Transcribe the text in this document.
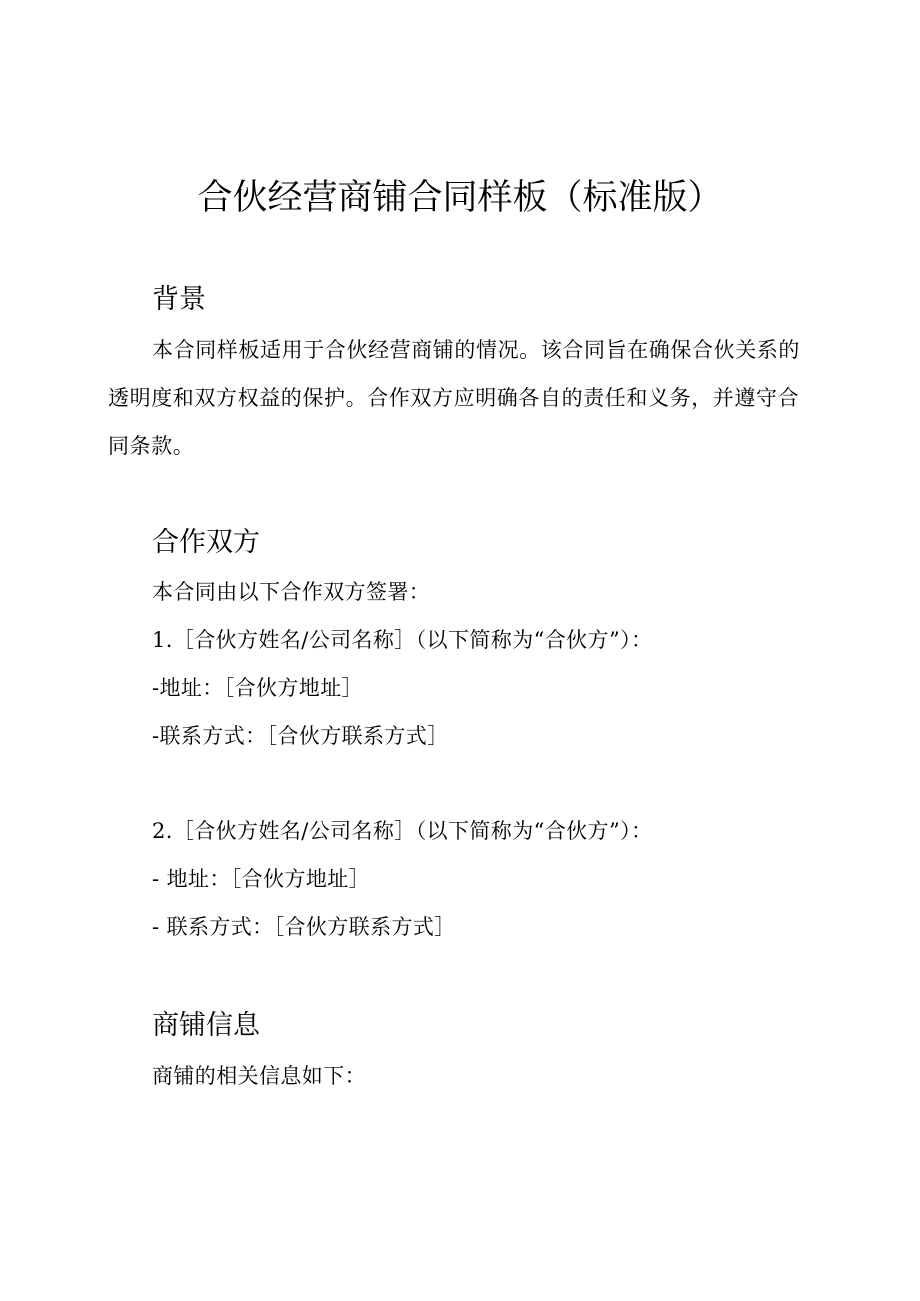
合伙经营商铺合同样板（标准版）
背景

本合同样板适用于合伙经营商铺的情况。该合同旨在确保合伙关系的透明度和双方权益的保护。合作双方应明确各自的责任和义务，并遵守合同条款。

合作双方

本合同由以下合作双方签署：

1.［合伙方姓名/公司名称］（以下简称为“合伙方”）：

-地址：［合伙方地址］

-联系方式：［合伙方联系方式］

2.［合伙方姓名/公司名称］（以下简称为“合伙方”）：

- 地址：［合伙方地址］

- 联系方式：［合伙方联系方式］

商铺信息

商铺的相关信息如下：
